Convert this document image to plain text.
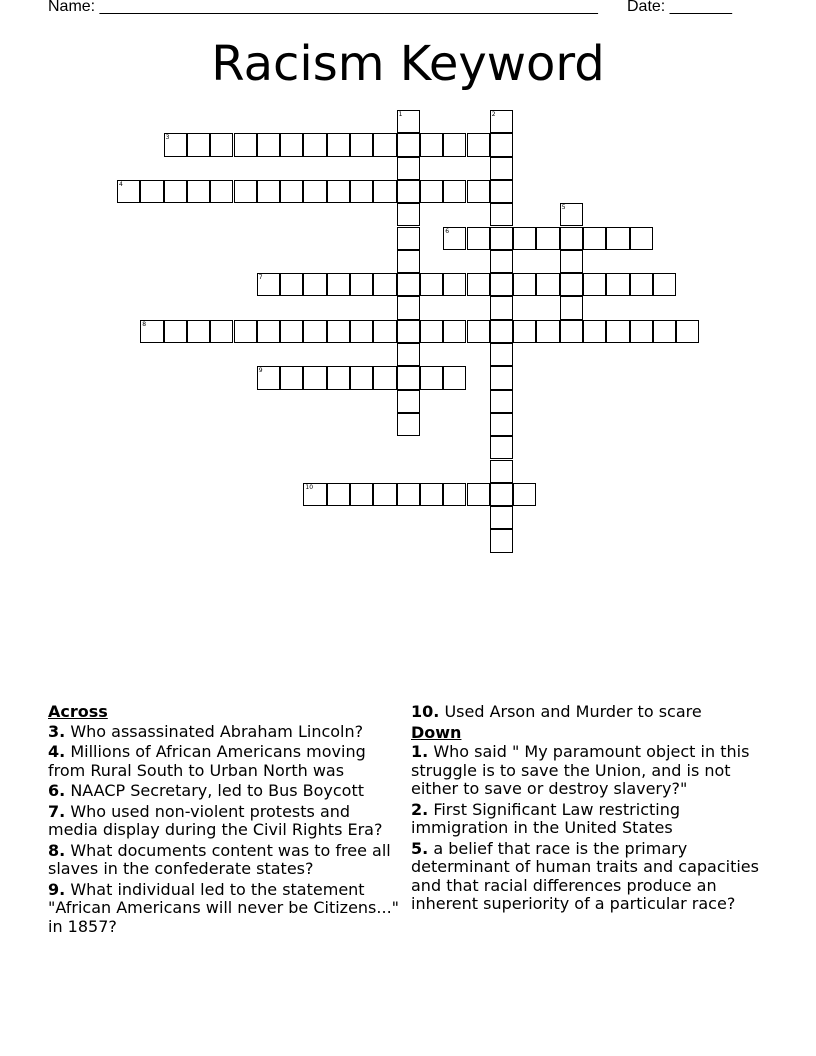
Name: ________________________________________________________ Date: _______
Racism Keyword
1	2
3
4
5
6
7
8
9
10
Across
3. Who assassinated Abraham Lincoln?
4. Millions of African Americans moving from Rural South to Urban North was
6. NAACP Secretary, led to Bus Boycott
7. Who used non-violent protests and media display during the Civil Rights Era?
8. What documents content was to free all slaves in the confederate states?
9. What individual led to the statement "African Americans will never be Citizens..." in 1857?
10. Used Arson and Murder to scare
Down
1. Who said " My paramount object in this struggle is to save the Union, and is not either to save or destroy slavery?"
2. First Significant Law restricting immigration in the United States
5. a belief that race is the primary determinant of human traits and capacities and that racial differences produce an inherent superiority of a particular race?
